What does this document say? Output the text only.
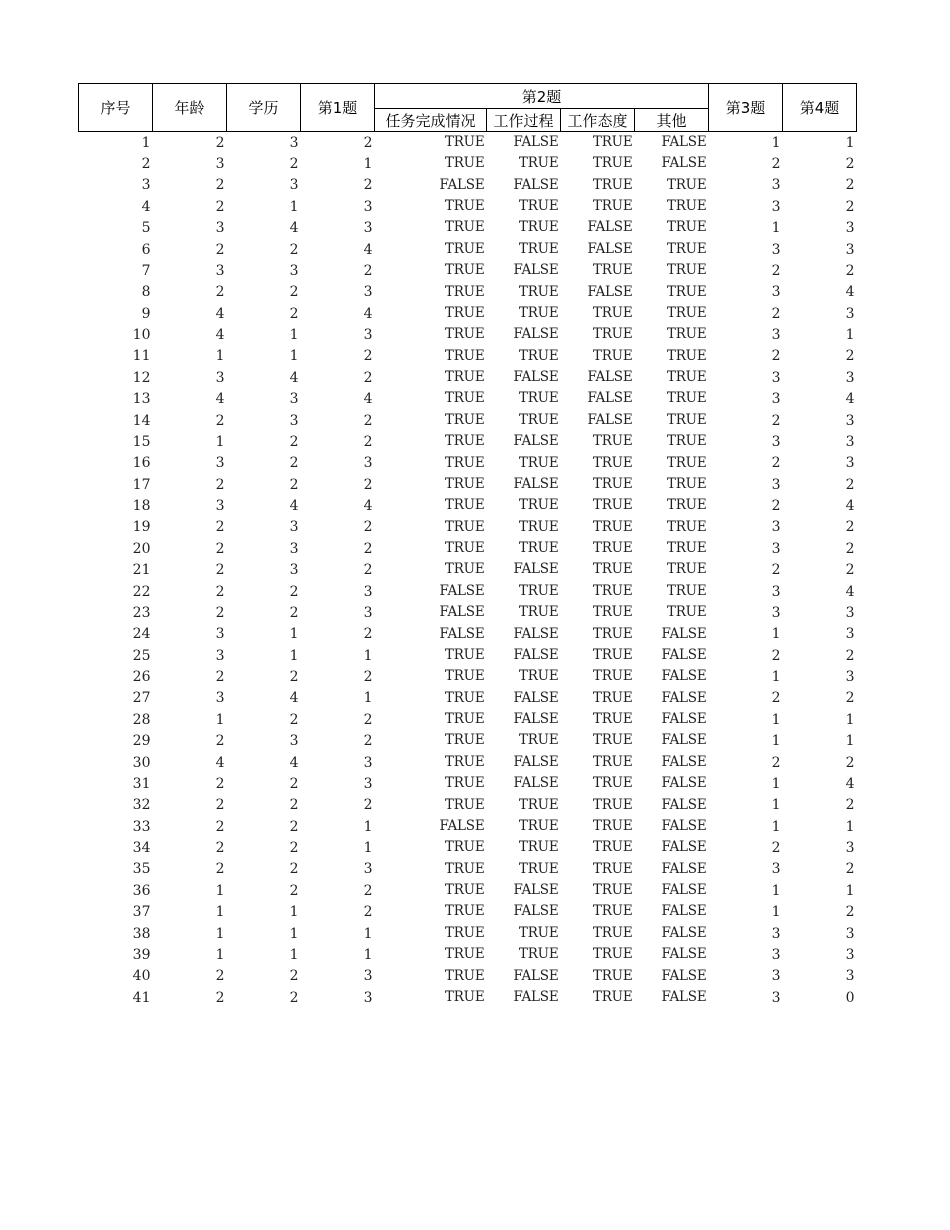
序号	年龄	学历	第1题	第2题				第3题	第4题
				任务完成情况	工作过程	工作态度	其他		
1	2	3	2	TRUE	FALSE	TRUE	FALSE	1	1
2	3	2	1	TRUE	TRUE	TRUE	FALSE	2	2
3	2	3	2	FALSE	FALSE	TRUE	TRUE	3	2
4	2	1	3	TRUE	TRUE	TRUE	TRUE	3	2
5	3	4	3	TRUE	TRUE	FALSE	TRUE	1	3
6	2	2	4	TRUE	TRUE	FALSE	TRUE	3	3
7	3	3	2	TRUE	FALSE	TRUE	TRUE	2	2
8	2	2	3	TRUE	TRUE	FALSE	TRUE	3	4
9	4	2	4	TRUE	TRUE	TRUE	TRUE	2	3
10	4	1	3	TRUE	FALSE	TRUE	TRUE	3	1
11	1	1	2	TRUE	TRUE	TRUE	TRUE	2	2
12	3	4	2	TRUE	FALSE	FALSE	TRUE	3	3
13	4	3	4	TRUE	TRUE	FALSE	TRUE	3	4
14	2	3	2	TRUE	TRUE	FALSE	TRUE	2	3
15	1	2	2	TRUE	FALSE	TRUE	TRUE	3	3
16	3	2	3	TRUE	TRUE	TRUE	TRUE	2	3
17	2	2	2	TRUE	FALSE	TRUE	TRUE	3	2
18	3	4	4	TRUE	TRUE	TRUE	TRUE	2	4
19	2	3	2	TRUE	TRUE	TRUE	TRUE	3	2
20	2	3	2	TRUE	TRUE	TRUE	TRUE	3	2
21	2	3	2	TRUE	FALSE	TRUE	TRUE	2	2
22	2	2	3	FALSE	TRUE	TRUE	TRUE	3	4
23	2	2	3	FALSE	TRUE	TRUE	TRUE	3	3
24	3	1	2	FALSE	FALSE	TRUE	FALSE	1	3
25	3	1	1	TRUE	FALSE	TRUE	FALSE	2	2
26	2	2	2	TRUE	TRUE	TRUE	FALSE	1	3
27	3	4	1	TRUE	FALSE	TRUE	FALSE	2	2
28	1	2	2	TRUE	FALSE	TRUE	FALSE	1	1
29	2	3	2	TRUE	TRUE	TRUE	FALSE	1	1
30	4	4	3	TRUE	FALSE	TRUE	FALSE	2	2
31	2	2	3	TRUE	FALSE	TRUE	FALSE	1	4
32	2	2	2	TRUE	TRUE	TRUE	FALSE	1	2
33	2	2	1	FALSE	TRUE	TRUE	FALSE	1	1
34	2	2	1	TRUE	TRUE	TRUE	FALSE	2	3
35	2	2	3	TRUE	TRUE	TRUE	FALSE	3	2
36	1	2	2	TRUE	FALSE	TRUE	FALSE	1	1
37	1	1	2	TRUE	FALSE	TRUE	FALSE	1	2
38	1	1	1	TRUE	TRUE	TRUE	FALSE	3	3
39	1	1	1	TRUE	TRUE	TRUE	FALSE	3	3
40	2	2	3	TRUE	FALSE	TRUE	FALSE	3	3
41	2	2	3	TRUE	FALSE	TRUE	FALSE	3	0
